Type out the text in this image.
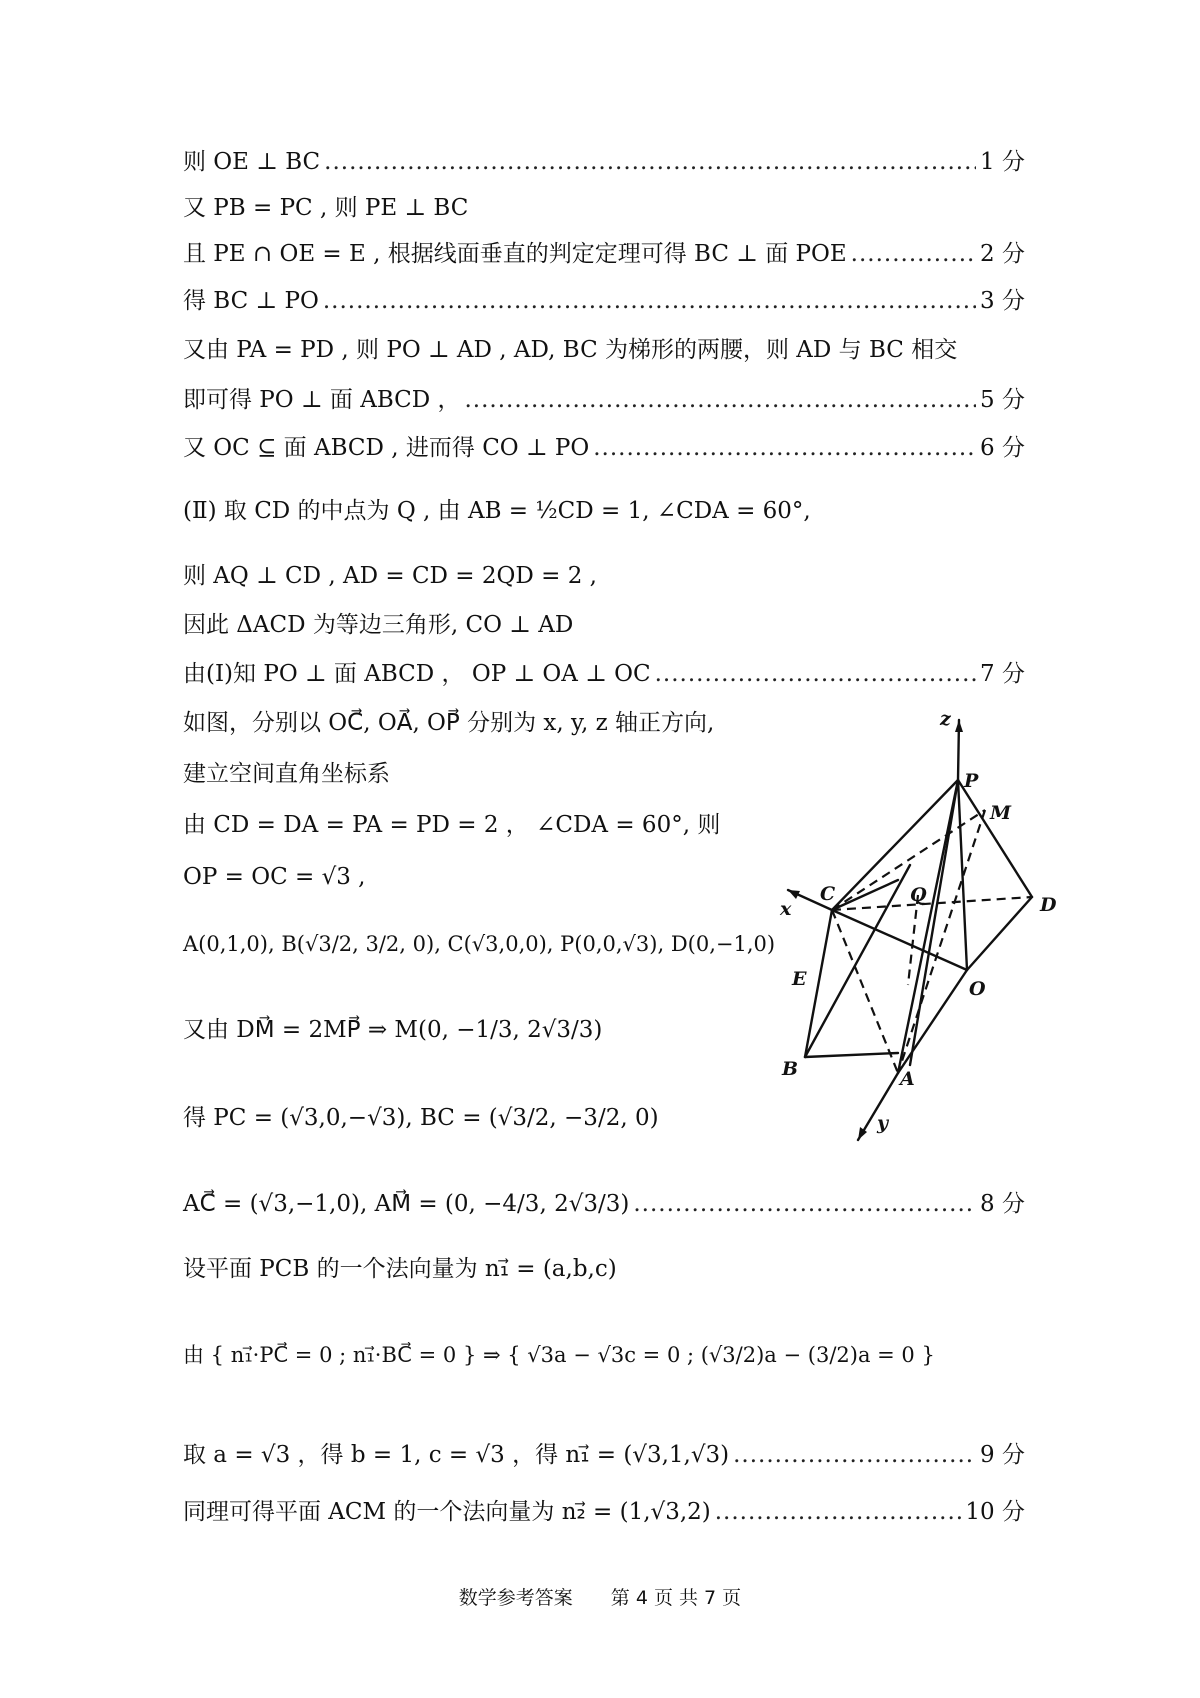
则 OE ⊥ BC .....	1 分
又 PB = PC , 则 PE ⊥ BC
且 PE ∩ OE = E , 根据线面垂直的判定定理可得 BC ⊥ 面 POE .....	2 分
得 BC ⊥ PO .....	3 分
又由 PA = PD , 则 PO ⊥ AD , AD, BC 为梯形的两腰，则 AD 与 BC 相交
即可得 PO ⊥ 面 ABCD ， .....	5 分
又 OC ⊆ 面 ABCD , 进而得 CO ⊥ PO .....	6 分
(Ⅱ) 取 CD 的中点为 Q , 由 AB = ½CD = 1, ∠CDA = 60°,
则 AQ ⊥ CD , AD = CD = 2QD = 2 ,
因此 ΔACD 为等边三角形, CO ⊥ AD
由(Ⅰ)知 PO ⊥ 面 ABCD ， OP ⊥ OA ⊥ OC .....	7 分
如图，分别以 OC⃗, OA⃗, OP⃗ 分别为 x, y, z 轴正方向,
建立空间直角坐标系
由 CD = DA = PA = PD = 2 ， ∠CDA = 60°, 则
OP = OC = √3 ,
A(0,1,0), B(√3/2, 3/2, 0), C(√3,0,0), P(0,0,√3), D(0,−1,0)
又由 DM⃗ = 2MP⃗ ⇒ M(0, −1/3, 2√3/3)
得 PC = (√3,0,−√3), BC = (√3/2, −3/2, 0)
AC⃗ = (√3,−1,0), AM⃗ = (0, −4/3, 2√3/3) .....	8 分
设平面 PCB 的一个法向量为 n₁⃗ = (a,b,c)
由 { n₁⃗·PC⃗ = 0 ; n₁⃗·BC⃗ = 0 } ⇒ { √3a − √3c = 0 ; (√3/2)a − (3/2)a = 0 }
取 a = √3 ，得 b = 1, c = √3 ，得 n₁⃗ = (√3,1,√3) .....	9 分
同理可得平面 ACM 的一个法向量为 n₂⃗ = (1,√3,2) .....	10 分
z
P
M
C	Q	D
x
E	O
B	A
y
数学参考答案　　第 4 页 共 7 页
